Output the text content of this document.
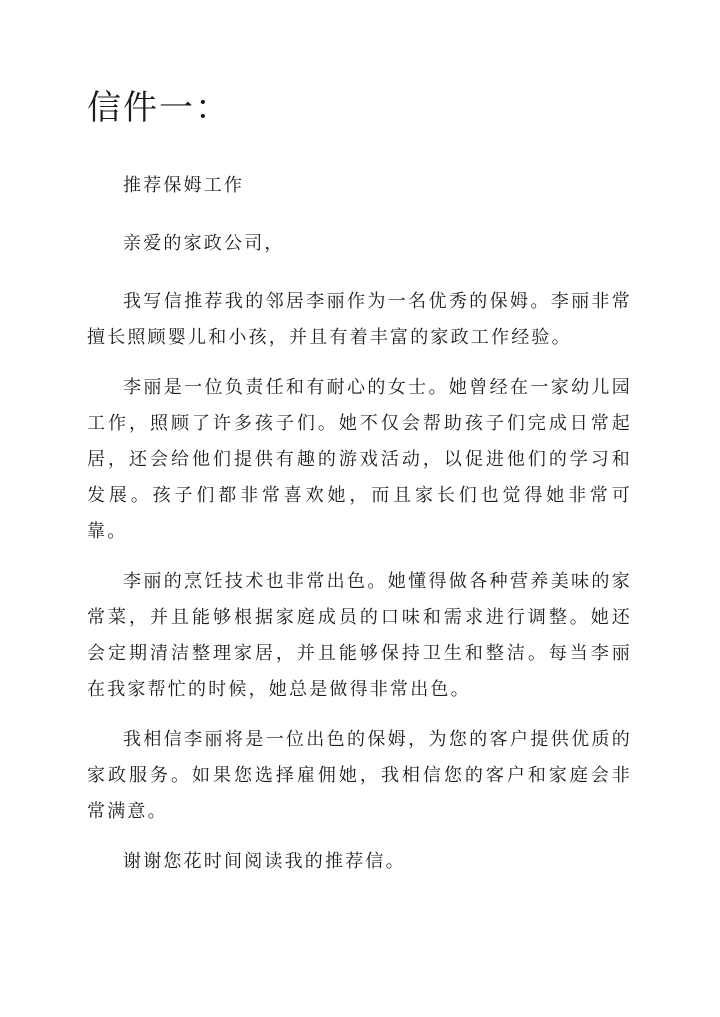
信件一：

推荐保姆工作

亲爱的家政公司，

我写信推荐我的邻居李丽作为一名优秀的保姆。李丽非常擅长照顾婴儿和小孩，并且有着丰富的家政工作经验。

李丽是一位负责任和有耐心的女士。她曾经在一家幼儿园工作，照顾了许多孩子们。她不仅会帮助孩子们完成日常起居，还会给他们提供有趣的游戏活动，以促进他们的学习和发展。孩子们都非常喜欢她，而且家长们也觉得她非常可靠。

李丽的烹饪技术也非常出色。她懂得做各种营养美味的家常菜，并且能够根据家庭成员的口味和需求进行调整。她还会定期清洁整理家居，并且能够保持卫生和整洁。每当李丽在我家帮忙的时候，她总是做得非常出色。

我相信李丽将是一位出色的保姆，为您的客户提供优质的家政服务。如果您选择雇佣她，我相信您的客户和家庭会非常满意。

谢谢您花时间阅读我的推荐信。
